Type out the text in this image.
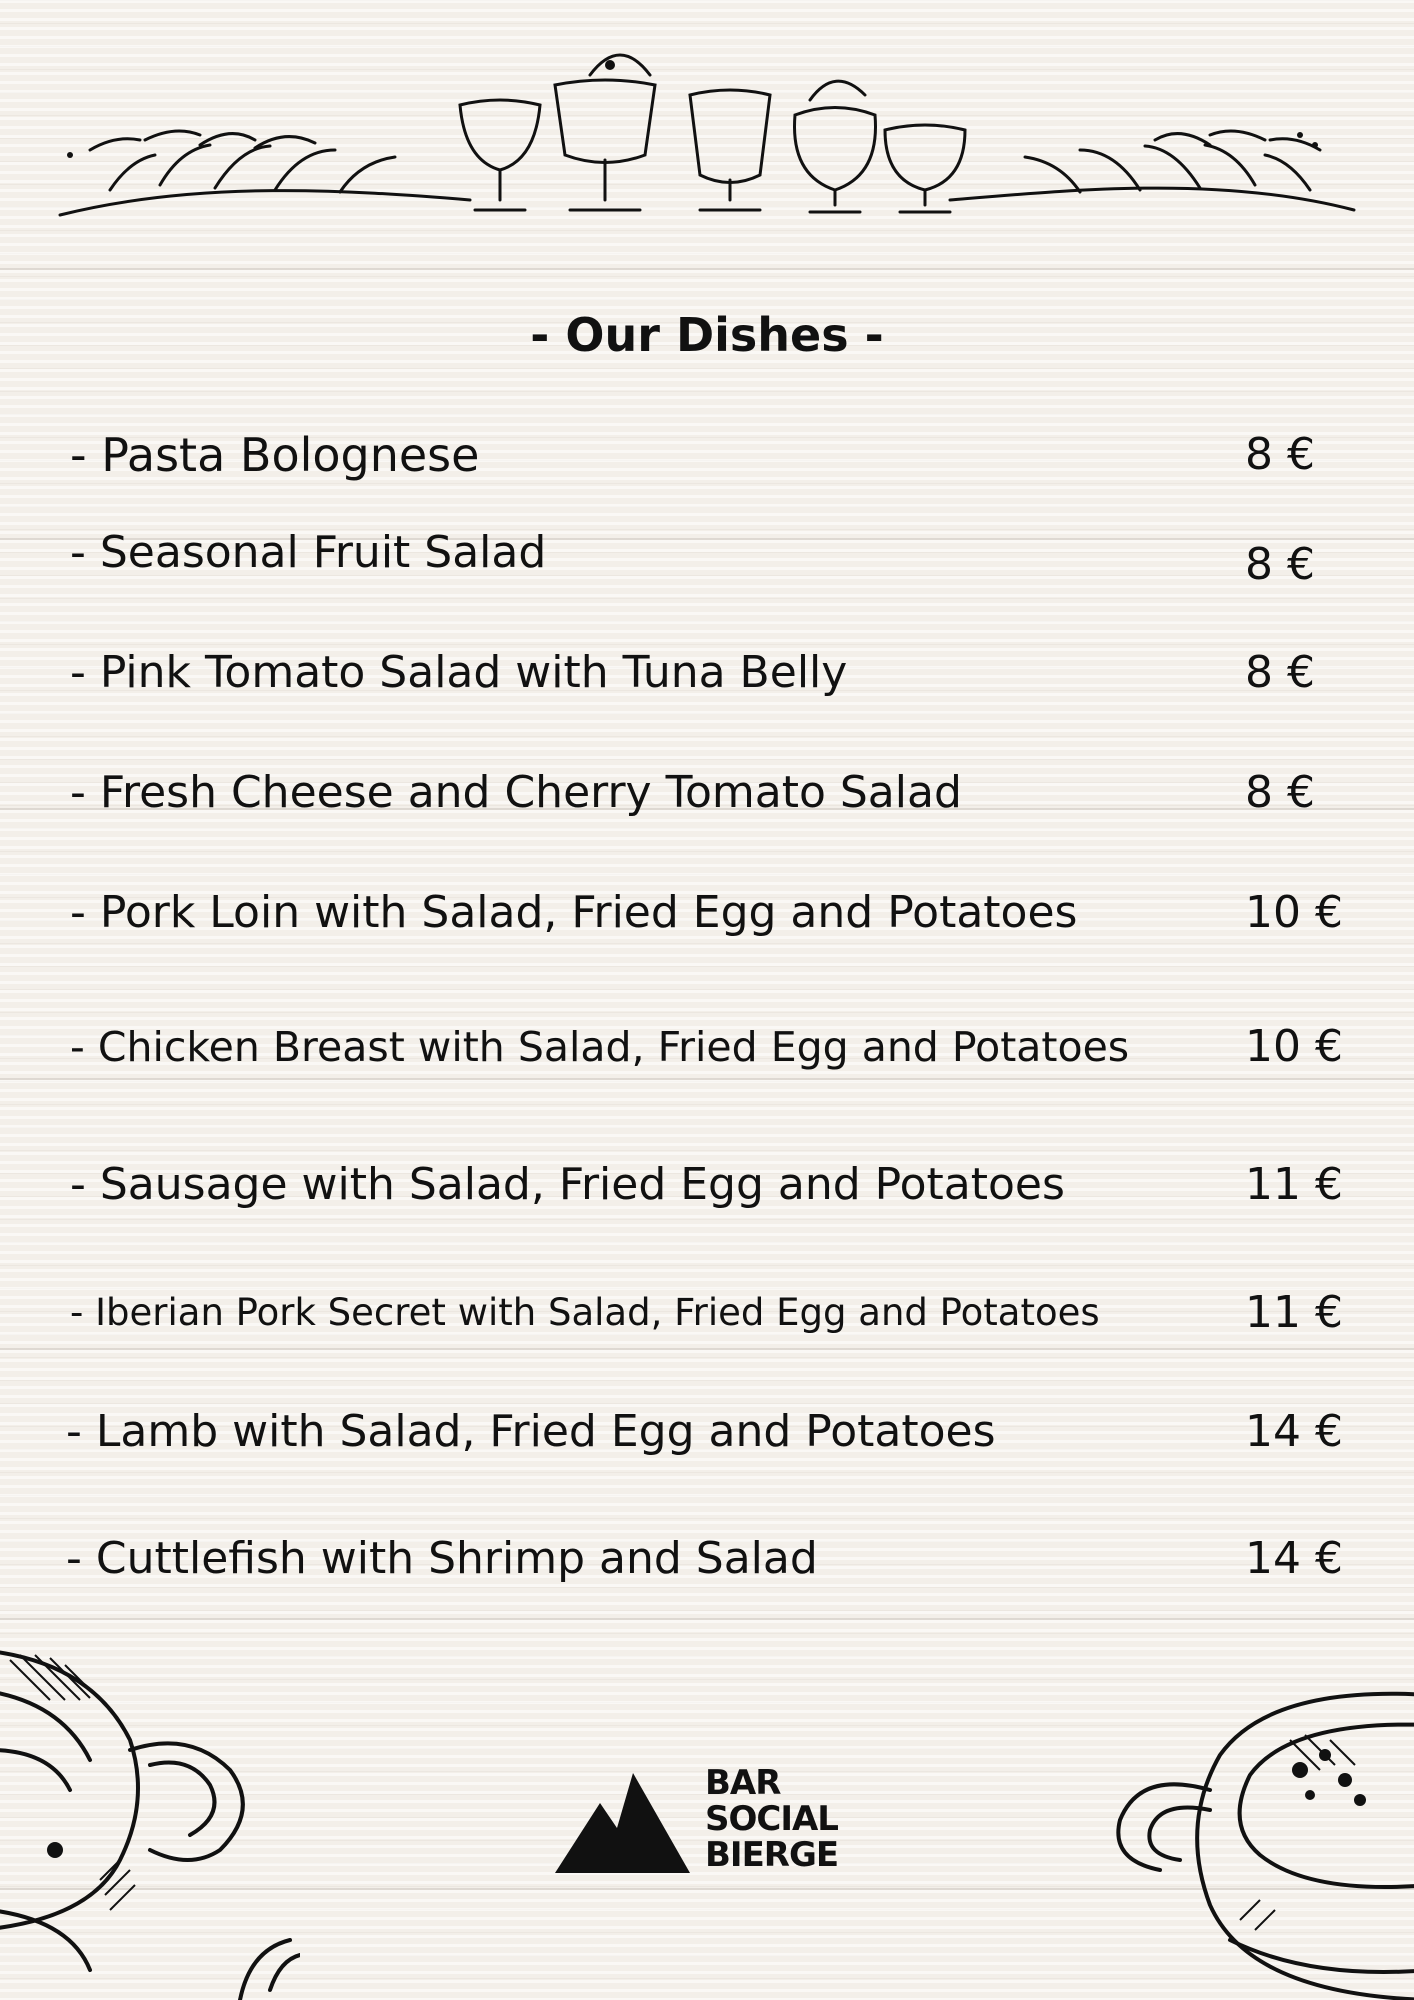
- Our Dishes -
- Pasta Bolognese	8 €
- Seasonal Fruit Salad	8 €
- Pink Tomato Salad with Tuna Belly	8 €
- Fresh Cheese and Cherry Tomato Salad	8 €
- Pork Loin with Salad, Fried Egg and Potatoes	10 €
- Chicken Breast with Salad, Fried Egg and Potatoes	10 €
- Sausage with Salad, Fried Egg and Potatoes	11 €
- Iberian Pork Secret with Salad, Fried Egg and Potatoes	11 €
- Lamb with Salad, Fried Egg and Potatoes	14 €
- Cuttlefish with Shrimp and Salad	14 €
BAR
SOCIAL
BIERGE
